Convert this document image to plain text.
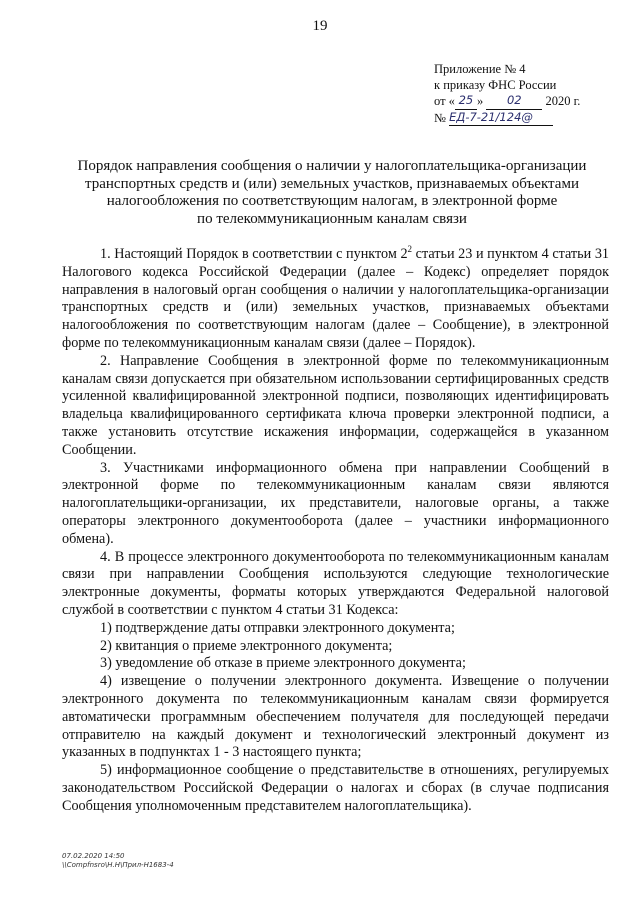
19
Приложение № 4
к приказу ФНС России
от « 25 » 02 2020 г.
№ ЕД-7-21/124@
Порядок направления сообщения о наличии у налогоплательщика-организации
транспортных средств и (или) земельных участков, признаваемых объектами
налогообложения по соответствующим налогам, в электронной форме
по телекоммуникационным каналам связи

1. Настоящий Порядок в соответствии с пунктом $2^2$ статьи 23 и пунктом 4 статьи 31 Налогового кодекса Российской Федерации (далее – Кодекс) определяет порядок направления в налоговый орган сообщения о наличии у налогоплательщика-организации транспортных средств и (или) земельных участков, признаваемых объектами налогообложения по соответствующим налогам (далее – Сообщение), в электронной форме по телекоммуникационным каналам связи (далее – Порядок).

2. Направление Сообщения в электронной форме по телекоммуникационным каналам связи допускается при обязательном использовании сертифицированных средств усиленной квалифицированной электронной подписи, позволяющих идентифицировать владельца квалифицированного сертификата ключа проверки электронной подписи, а также установить отсутствие искажения информации, содержащейся в указанном Сообщении.

3. Участниками информационного обмена при направлении Сообщений в электронной форме по телекоммуникационным каналам связи являются налогоплательщики-организации, их представители, налоговые органы, а также операторы электронного документооборота (далее – участники информационного обмена).

4. В процессе электронного документооборота по телекоммуникационным каналам связи при направлении Сообщения используются следующие технологические электронные документы, форматы которых утверждаются Федеральной налоговой службой в соответствии с пунктом 4 статьи 31 Кодекса:

1) подтверждение даты отправки электронного документа;

2) квитанция о приеме электронного документа;

3) уведомление об отказе в приеме электронного документа;

4) извещение о получении электронного документа. Извещение о получении электронного документа по телекоммуникационным каналам связи формируется автоматически программным обеспечением получателя для последующей передачи отправителю на каждый документ и технологический электронный документ из указанных в подпунктах 1 - 3 настоящего пункта;

5) информационное сообщение о представительстве в отношениях, регулируемых законодательством Российской Федерации о налогах и сборах (в случае подписания Сообщения уполномоченным представителем налогоплательщика).

07.02.2020 14:50
\\Compfnsro\Н.Н\Прил-Н1683-4
